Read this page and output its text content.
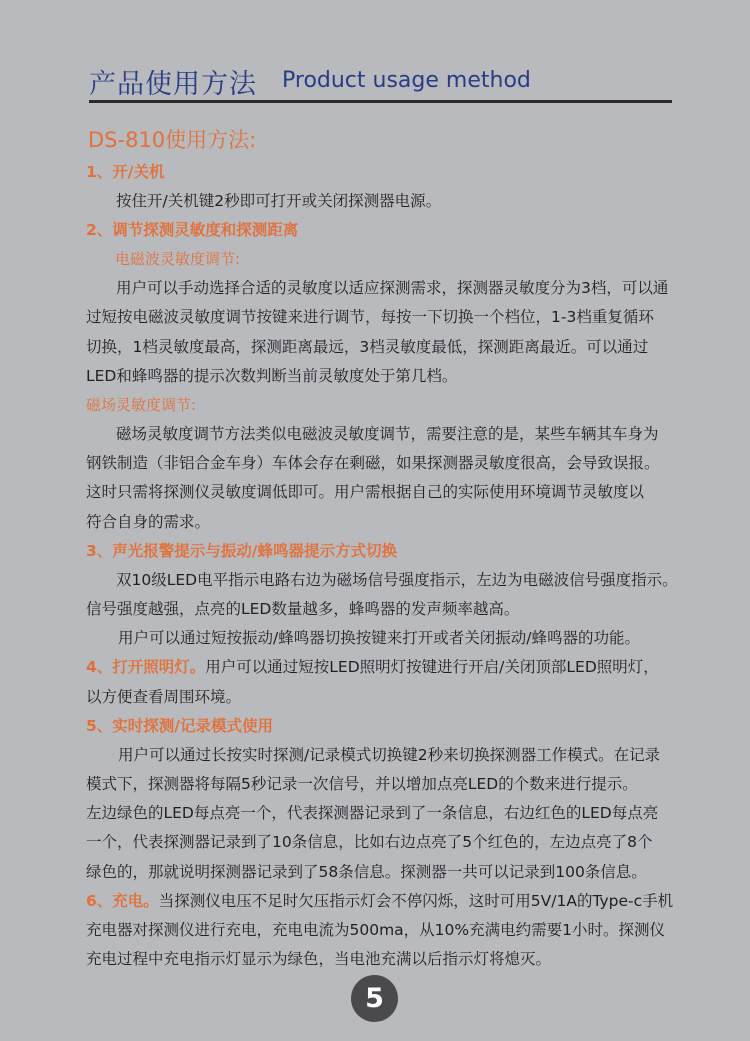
产品使用方法 Product usage method
DS-810使用方法:
1、开/关机
按住开/关机键2秒即可打开或关闭探测器电源。
2、调节探测灵敏度和探测距离
电磁波灵敏度调节:
用户可以手动选择合适的灵敏度以适应探测需求，探测器灵敏度分为3档，可以通
过短按电磁波灵敏度调节按键来进行调节，每按一下切换一个档位，1-3档重复循环
切换，1档灵敏度最高，探测距离最远，3档灵敏度最低，探测距离最近。可以通过
LED和蜂鸣器的提示次数判断当前灵敏度处于第几档。
磁场灵敏度调节:
磁场灵敏度调节方法类似电磁波灵敏度调节，需要注意的是，某些车辆其车身为
钢铁制造（非铝合金车身）车体会存在剩磁，如果探测器灵敏度很高，会导致误报。
这时只需将探测仪灵敏度调低即可。用户需根据自己的实际使用环境调节灵敏度以
符合自身的需求。
3、声光报警提示与振动/蜂鸣器提示方式切换
双10级LED电平指示电路右边为磁场信号强度指示，左边为电磁波信号强度指示。
信号强度越强，点亮的LED数量越多，蜂鸣器的发声频率越高。
用户可以通过短按振动/蜂鸣器切换按键来打开或者关闭振动/蜂鸣器的功能。
4、打开照明灯。用户可以通过短按LED照明灯按键进行开启/关闭顶部LED照明灯，
以方便查看周围环境。
5、实时探测/记录模式使用
用户可以通过长按实时探测/记录模式切换键2秒来切换探测器工作模式。在记录
模式下，探测器将每隔5秒记录一次信号，并以增加点亮LED的个数来进行提示。
左边绿色的LED每点亮一个，代表探测器记录到了一条信息，右边红色的LED每点亮
一个，代表探测器记录到了10条信息，比如右边点亮了5个红色的，左边点亮了8个
绿色的，那就说明探测器记录到了58条信息。探测器一共可以记录到100条信息。
6、充电。当探测仪电压不足时欠压指示灯会不停闪烁，这时可用5V/1A的Type-c手机
充电器对探测仪进行充电，充电电流为500ma，从10%充满电约需要1小时。探测仪
充电过程中充电指示灯显示为绿色，当电池充满以后指示灯将熄灭。
5
